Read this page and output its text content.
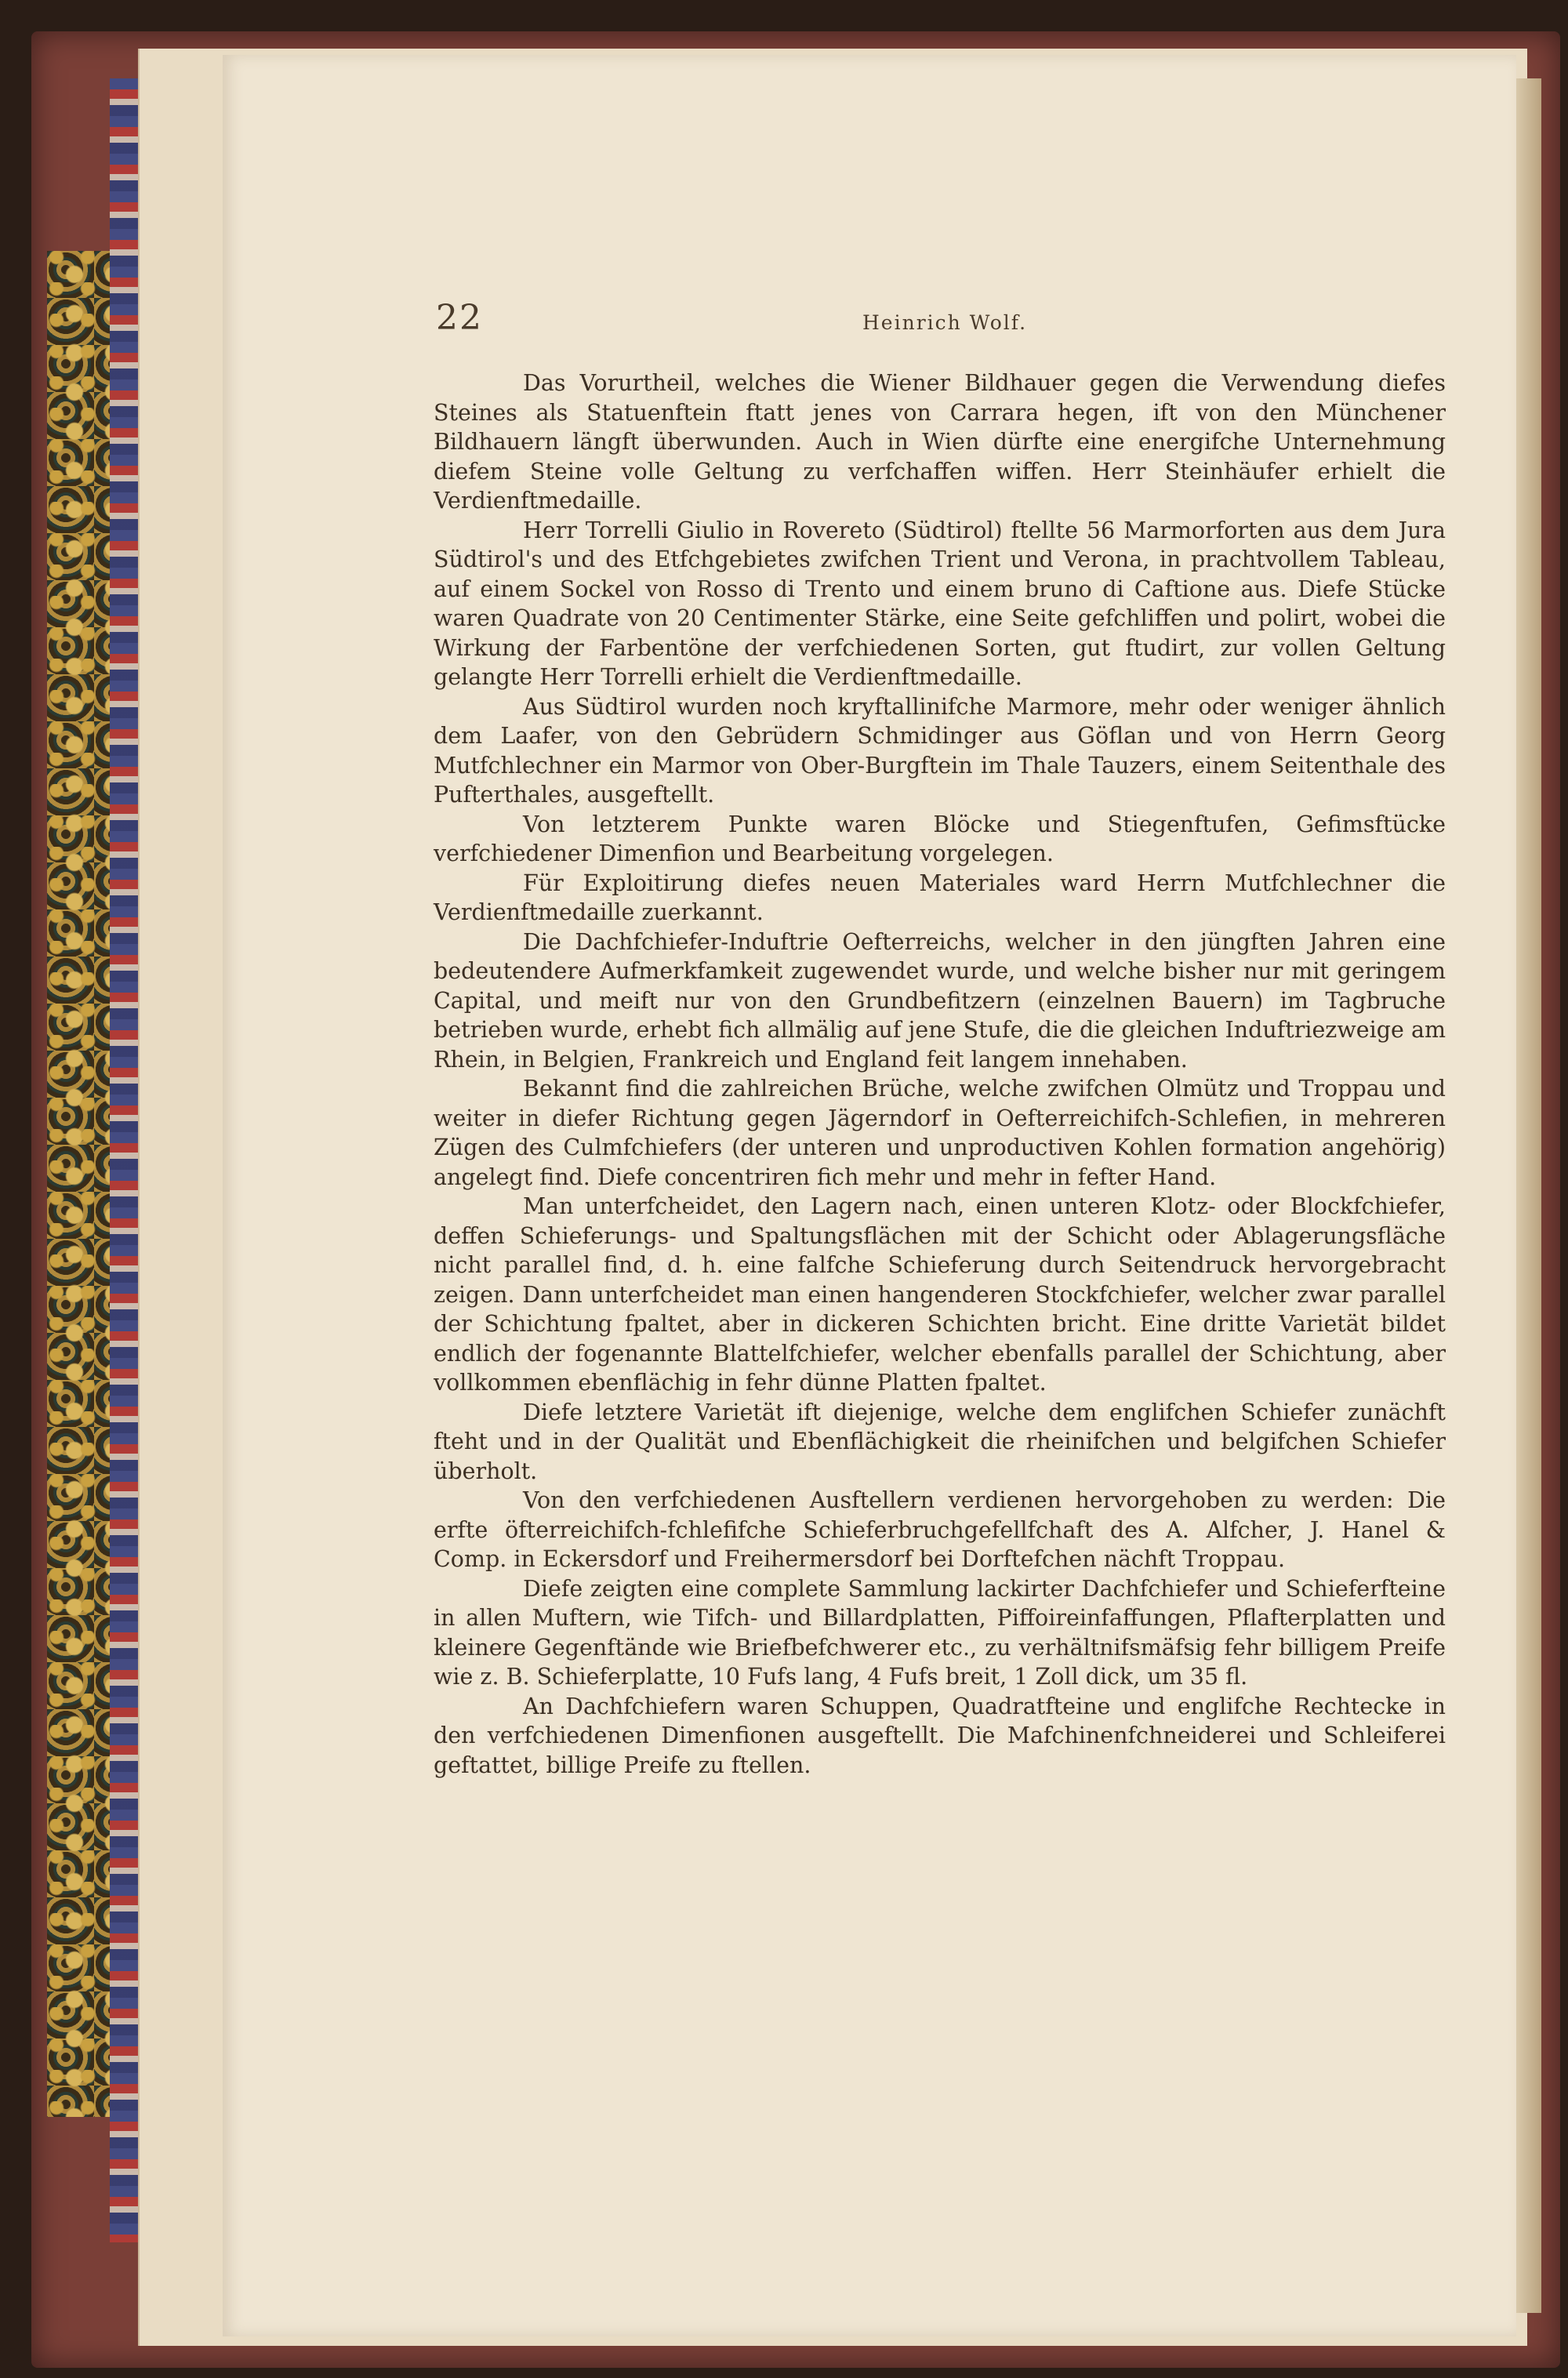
22	Heinrich Wolf.

Das Vorurtheil, welches die Wiener Bildhauer gegen die Verwendung diefes Steines als Statuenftein ftatt jenes von Carrara hegen, ift von den Münchener Bildhauern längft überwunden. Auch in Wien dürfte eine energifche Unternehmung diefem Steine volle Geltung zu verfchaffen wiffen. Herr Steinhäufer erhielt die Verdienftmedaille.

Herr Torrelli Giulio in Rovereto (Südtirol) ftellte 56 Marmorforten aus dem Jura Südtirol's und des Etfchgebietes zwifchen Trient und Verona, in prachtvollem Tableau, auf einem Sockel von Rosso di Trento und einem bruno di Caftione aus. Diefe Stücke waren Quadrate von 20 Centimenter Stärke, eine Seite gefchliffen und polirt, wobei die Wirkung der Farbentöne der verfchiedenen Sorten, gut ftudirt, zur vollen Geltung gelangte Herr Torrelli erhielt die Verdienftmedaille.

Aus Südtirol wurden noch kryftallinifche Marmore, mehr oder weniger ähnlich dem Laafer, von den Gebrüdern Schmidinger aus Göflan und von Herrn Georg Mutfchlechner ein Marmor von Ober-Burgftein im Thale Tauzers, einem Seitenthale des Pufterthales, ausgeftellt.

Von letzterem Punkte waren Blöcke und Stiegenftufen, Gefimsftücke verfchiedener Dimenfion und Bearbeitung vorgelegen.

Für Exploitirung diefes neuen Materiales ward Herrn Mutfchlechner die Verdienftmedaille zuerkannt.

Die Dachfchiefer-Induftrie Oefterreichs, welcher in den jüngften Jahren eine bedeutendere Aufmerkfamkeit zugewendet wurde, und welche bisher nur mit geringem Capital, und meift nur von den Grundbefitzern (einzelnen Bauern) im Tagbruche betrieben wurde, erhebt fich allmälig auf jene Stufe, die die gleichen Induftriezweige am Rhein, in Belgien, Frankreich und England feit langem innehaben.

Bekannt find die zahlreichen Brüche, welche zwifchen Olmütz und Troppau und weiter in diefer Richtung gegen Jägerndorf in Oefterreichifch-Schlefien, in mehreren Zügen des Culmfchiefers (der unteren und unproductiven Kohlen formation angehörig) angelegt find. Diefe concentriren fich mehr und mehr in fefter Hand.

Man unterfcheidet, den Lagern nach, einen unteren Klotz- oder Blockfchiefer, deffen Schieferungs- und Spaltungsflächen mit der Schicht oder Ablagerungsfläche nicht parallel find, d. h. eine falfche Schieferung durch Seitendruck hervorgebracht zeigen. Dann unterfcheidet man einen hangenderen Stockfchiefer, welcher zwar parallel der Schichtung fpaltet, aber in dickeren Schichten bricht. Eine dritte Varietät bildet endlich der fogenannte Blattelfchiefer, welcher ebenfalls parallel der Schichtung, aber vollkommen ebenflächig in fehr dünne Platten fpaltet.

Diefe letztere Varietät ift diejenige, welche dem englifchen Schiefer zunächft fteht und in der Qualität und Ebenflächigkeit die rheinifchen und belgifchen Schiefer überholt.

Von den verfchiedenen Ausftellern verdienen hervorgehoben zu werden: Die erfte öfterreichifch-fchlefifche Schieferbruchgefellfchaft des A. Alfcher, J. Hanel & Comp. in Eckersdorf und Freihermersdorf bei Dorftefchen nächft Troppau.

Diefe zeigten eine complete Sammlung lackirter Dachfchiefer und Schieferfteine in allen Muftern, wie Tifch- und Billardplatten, Piffoireinfaffungen, Pflafterplatten und kleinere Gegenftände wie Briefbefchwerer etc., zu verhältnifsmäfsig fehr billigem Preife wie z. B. Schieferplatte, 10 Fufs lang, 4 Fufs breit, 1 Zoll dick, um 35 fl.

An Dachfchiefern waren Schuppen, Quadratfteine und englifche Rechtecke in den verfchiedenen Dimenfionen ausgeftellt. Die Mafchinenfchneiderei und Schleiferei geftattet, billige Preife zu ftellen.
